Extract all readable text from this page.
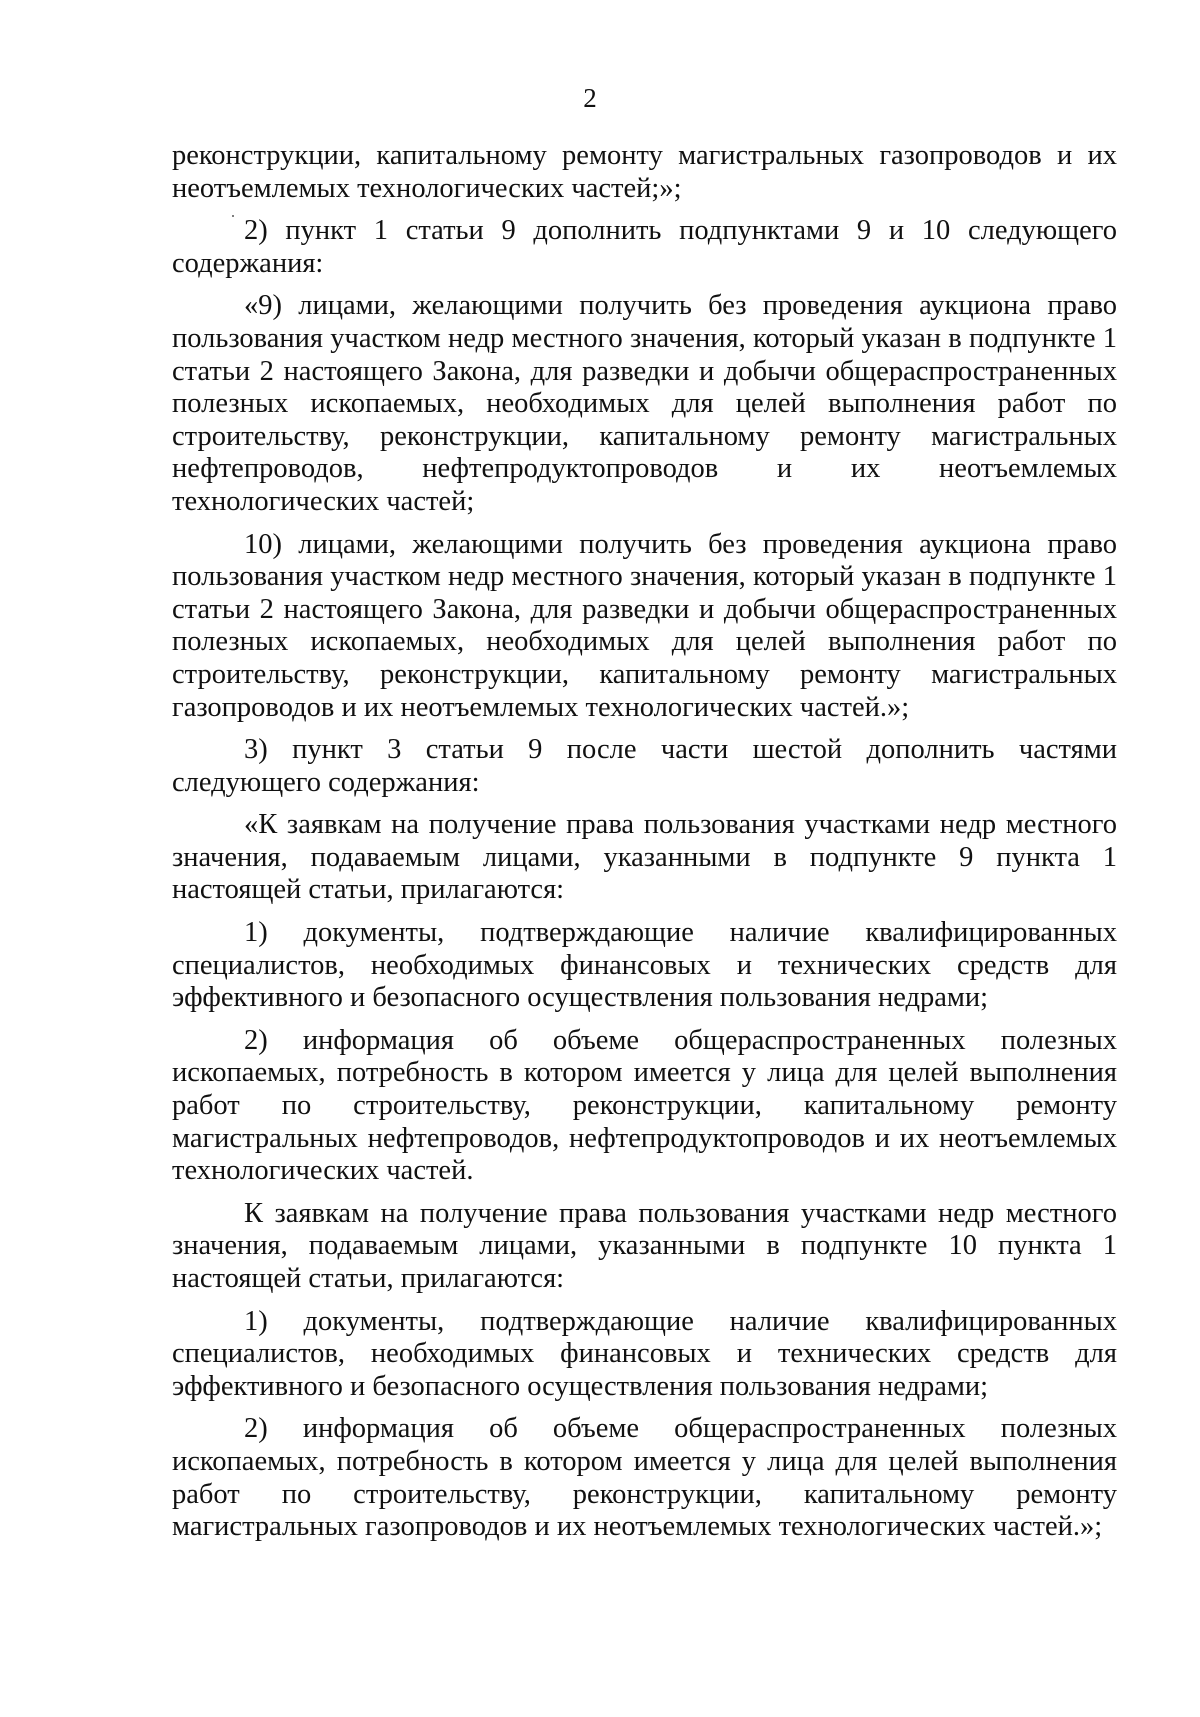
2

реконструкции, капитальному ремонту магистральных газопроводов и их неотъемлемых технологических частей;»;

2) пункт 1 статьи 9 дополнить подпунктами 9 и 10 следующего содержания:

«9) лицами, желающими получить без проведения аукциона право пользования участком недр местного значения, который указан в подпункте 1 статьи 2 настоящего Закона, для разведки и добычи общераспространенных полезных ископаемых, необходимых для целей выполнения работ по строительству, реконструкции, капитальному ремонту магистральных нефтепроводов, нефтепродуктопроводов и их неотъемлемых технологических частей;

10) лицами, желающими получить без проведения аукциона право пользования участком недр местного значения, который указан в подпункте 1 статьи 2 настоящего Закона, для разведки и добычи общераспространенных полезных ископаемых, необходимых для целей выполнения работ по строительству, реконструкции, капитальному ремонту магистральных газопроводов и их неотъемлемых технологических частей.»;

3) пункт 3 статьи 9 после части шестой дополнить частями следующего содержания:

«К заявкам на получение права пользования участками недр местного значения, подаваемым лицами, указанными в подпункте 9 пункта 1 настоящей статьи, прилагаются:

1) документы, подтверждающие наличие квалифицированных специалистов, необходимых финансовых и технических средств для эффективного и безопасного осуществления пользования недрами;

2) информация об объеме общераспространенных полезных ископаемых, потребность в котором имеется у лица для целей выполнения работ по строительству, реконструкции, капитальному ремонту магистральных нефтепроводов, нефтепродуктопроводов и их неотъемлемых технологических частей.

К заявкам на получение права пользования участками недр местного значения, подаваемым лицами, указанными в подпункте 10 пункта 1 настоящей статьи, прилагаются:

1) документы, подтверждающие наличие квалифицированных специалистов, необходимых финансовых и технических средств для эффективного и безопасного осуществления пользования недрами;

2) информация об объеме общераспространенных полезных ископаемых, потребность в котором имеется у лица для целей выполнения работ по строительству, реконструкции, капитальному ремонту магистральных газопроводов и их неотъемлемых технологических частей.»;
